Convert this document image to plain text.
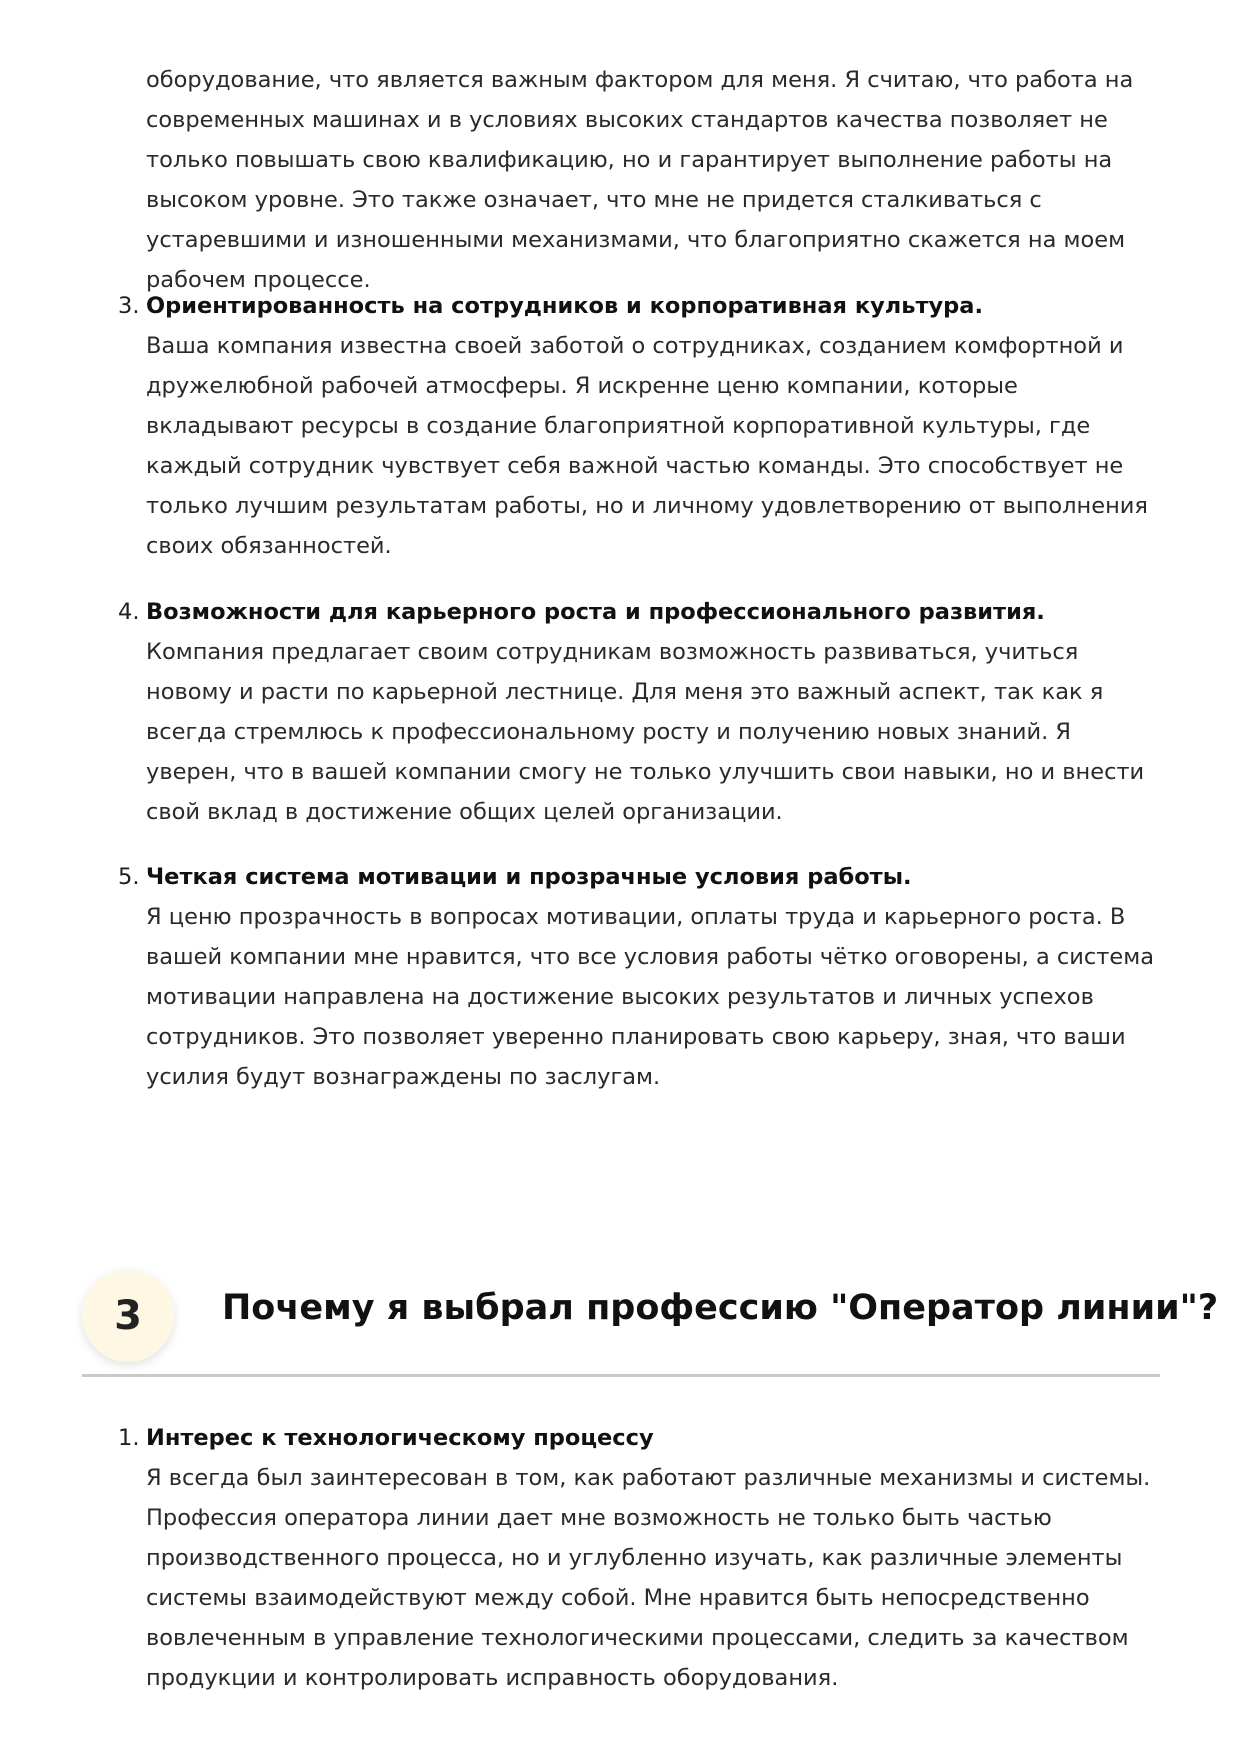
оборудование, что является важным фактором для меня. Я считаю, что работа на современных машинах и в условиях высоких стандартов качества позволяет не только повышать свою квалификацию, но и гарантирует выполнение работы на высоком уровне. Это также означает, что мне не придется сталкиваться с устаревшими и изношенными механизмами, что благоприятно скажется на моем рабочем процессе.

3. Ориентированность на сотрудников и корпоративная культура.

Ваша компания известна своей заботой о сотрудниках, созданием комфортной и дружелюбной рабочей атмосферы. Я искренне ценю компании, которые вкладывают ресурсы в создание благоприятной корпоративной культуры, где каждый сотрудник чувствует себя важной частью команды. Это способствует не только лучшим результатам работы, но и личному удовлетворению от выполнения своих обязанностей.

4. Возможности для карьерного роста и профессионального развития.

Компания предлагает своим сотрудникам возможность развиваться, учиться новому и расти по карьерной лестнице. Для меня это важный аспект, так как я всегда стремлюсь к профессиональному росту и получению новых знаний. Я уверен, что в вашей компании смогу не только улучшить свои навыки, но и внести свой вклад в достижение общих целей организации.

5. Четкая система мотивации и прозрачные условия работы.

Я ценю прозрачность в вопросах мотивации, оплаты труда и карьерного роста. В вашей компании мне нравится, что все условия работы чётко оговорены, а система мотивации направлена на достижение высоких результатов и личных успехов сотрудников. Это позволяет уверенно планировать свою карьеру, зная, что ваши усилия будут вознаграждены по заслугам.

3	Почему я выбрал профессию "Оператор линии"?
1. Интерес к технологическому процессу

Я всегда был заинтересован в том, как работают различные механизмы и системы. Профессия оператора линии дает мне возможность не только быть частью производственного процесса, но и углубленно изучать, как различные элементы системы взаимодействуют между собой. Мне нравится быть непосредственно вовлеченным в управление технологическими процессами, следить за качеством продукции и контролировать исправность оборудования.
